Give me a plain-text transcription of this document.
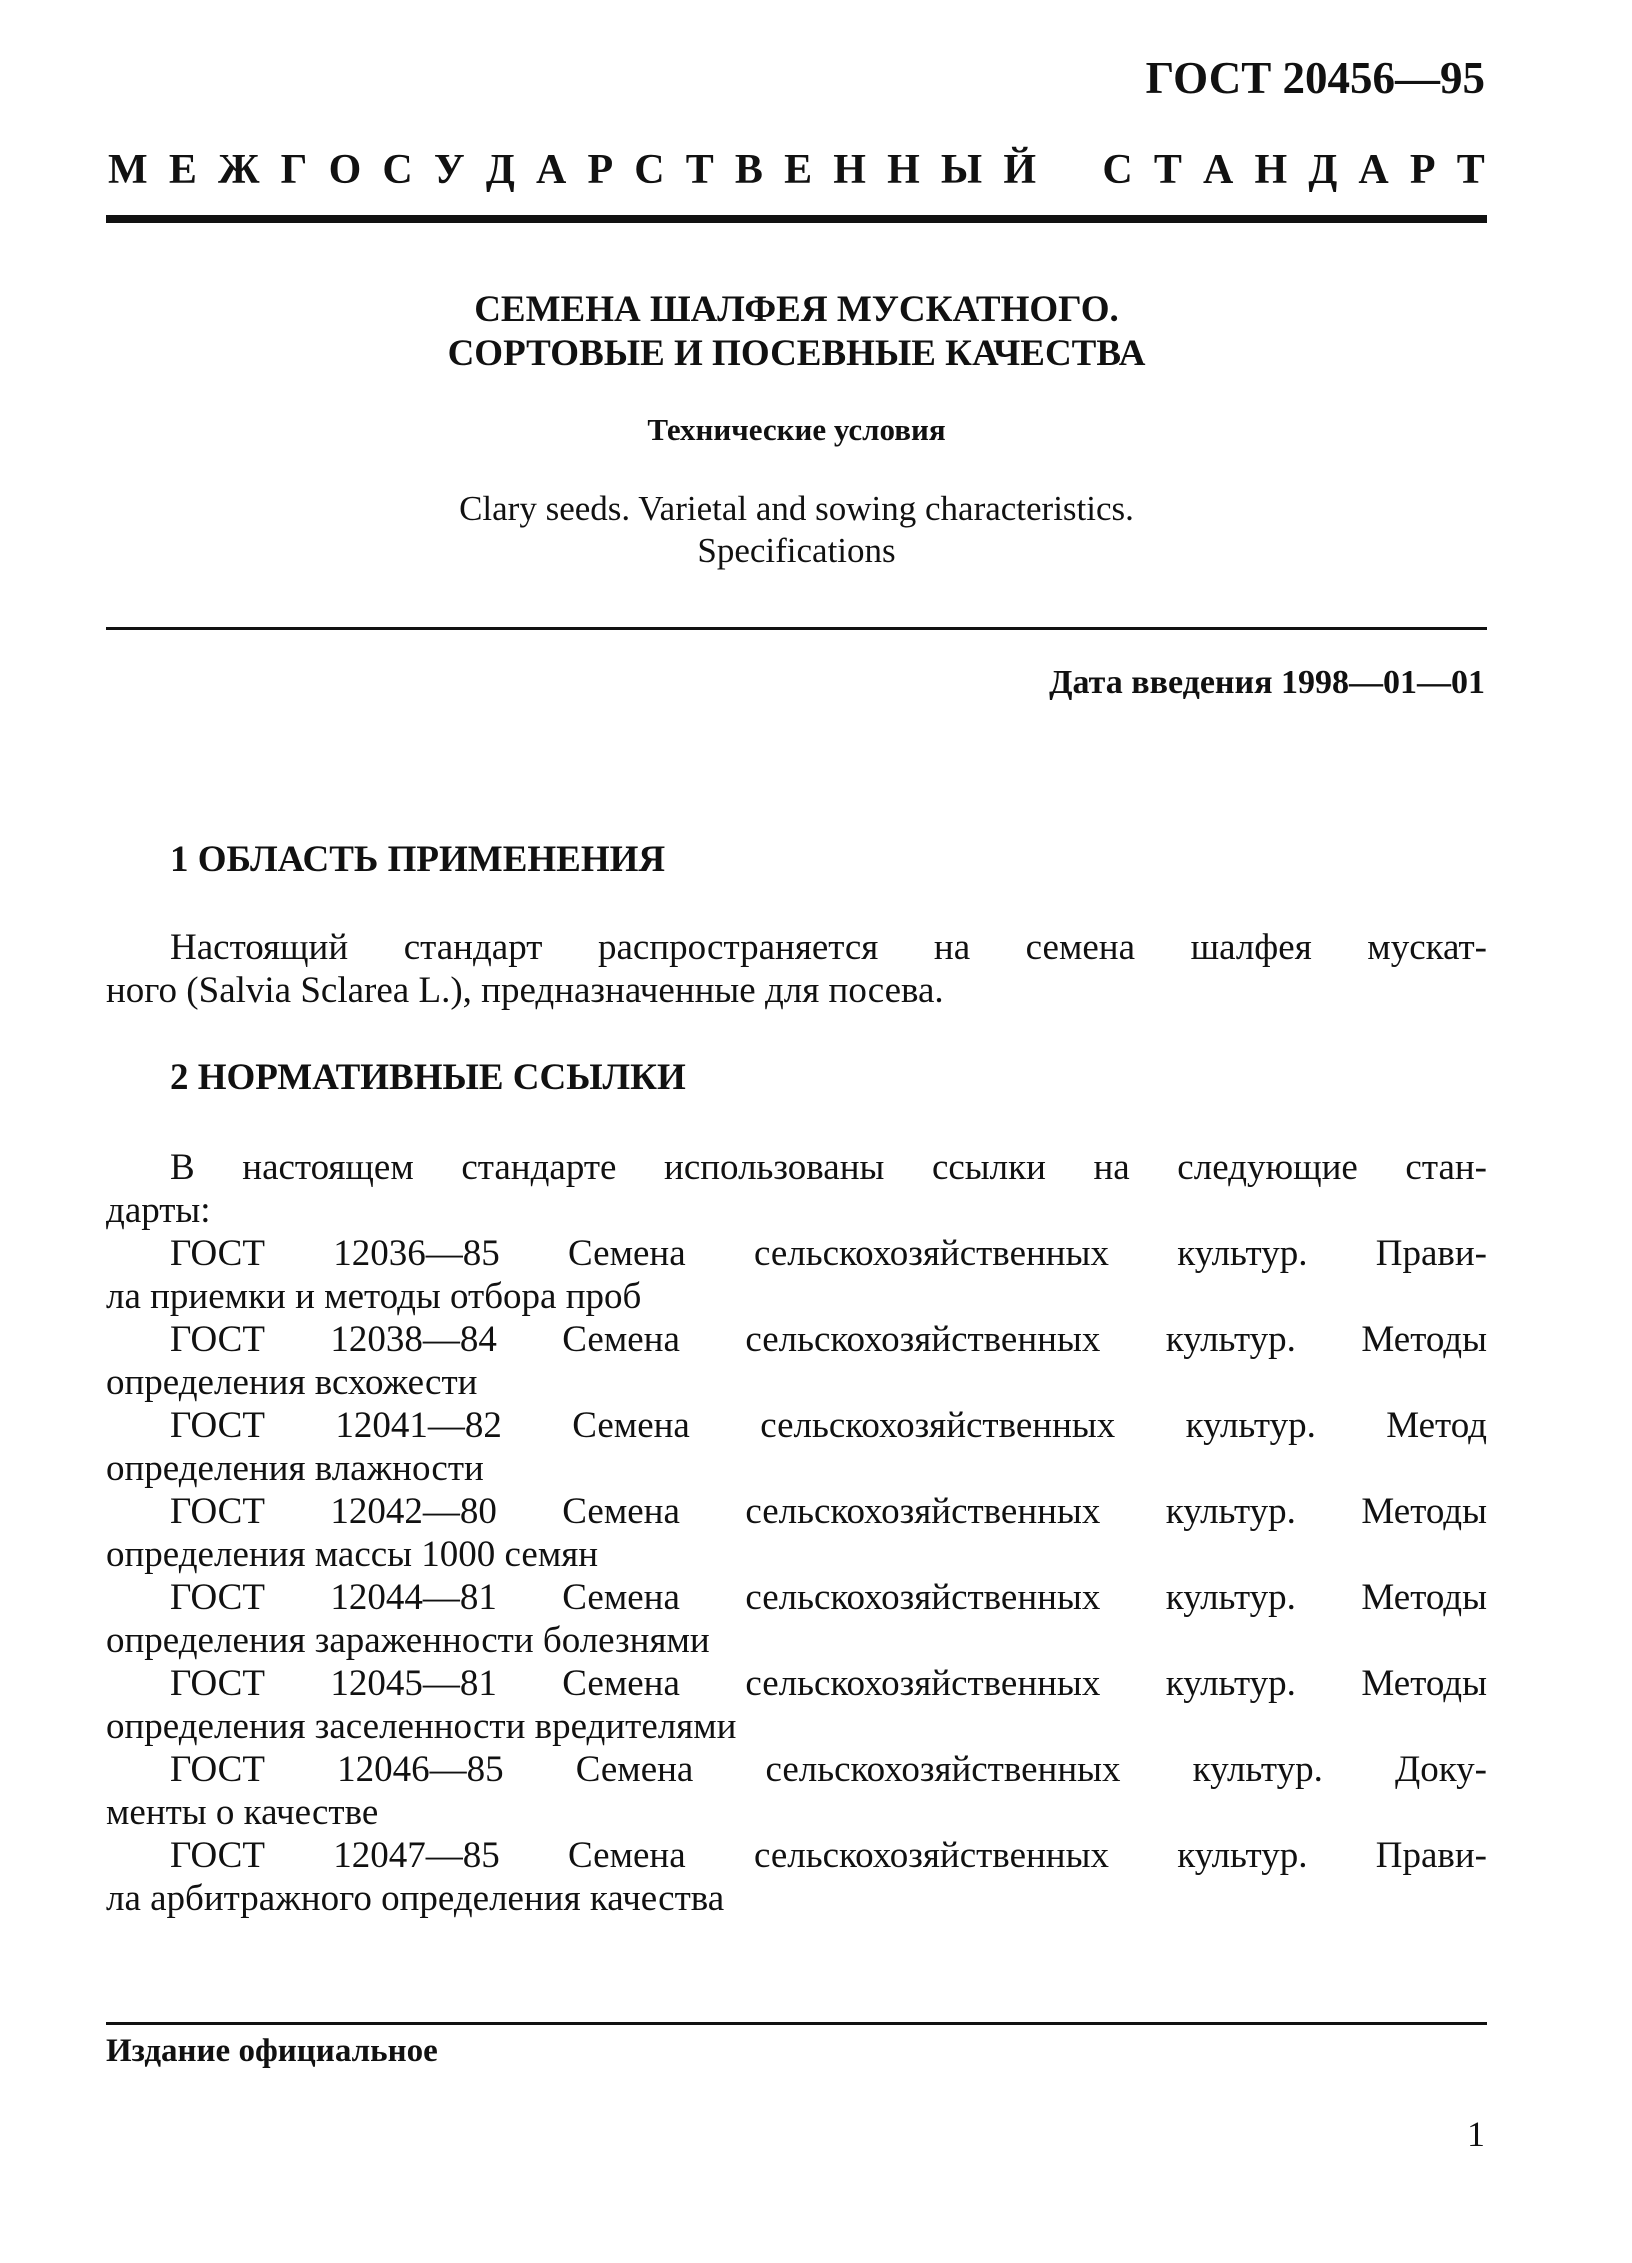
ГОСТ 20456—95
М Е Ж Г О С У Д А Р С Т В Е Н Н Ы Й С Т А Н Д А Р Т
СЕМЕНА ШАЛФЕЯ МУСКАТНОГО.
СОРТОВЫЕ И ПОСЕВНЫЕ КАЧЕСТВА
Технические условия
Clary seeds. Varietal and sowing characteristics.
Specifications
Дата введения 1998—01—01
1 ОБЛАСТЬ ПРИМЕНЕНИЯ
Настоящий стандарт распространяется на семена шалфея мускат-
ного (Salvia Sclarea L.), предназначенные для посева.
2 НОРМАТИВНЫЕ ССЫЛКИ
В настоящем стандарте использованы ссылки на следующие стан-
дарты:
ГОСТ 12036—85 Семена сельскохозяйственных культур. Прави-
ла приемки и методы отбора проб
ГОСТ 12038—84 Семена сельскохозяйственных культур. Методы
определения всхожести
ГОСТ 12041—82 Семена сельскохозяйственных культур. Метод
определения влажности
ГОСТ 12042—80 Семена сельскохозяйственных культур. Методы
определения массы 1000 семян
ГОСТ 12044—81 Семена сельскохозяйственных культур. Методы
определения зараженности болезнями
ГОСТ 12045—81 Семена сельскохозяйственных культур. Методы
определения заселенности вредителями
ГОСТ 12046—85 Семена сельскохозяйственных культур. Доку-
менты о качестве
ГОСТ 12047—85 Семена сельскохозяйственных культур. Прави-
ла арбитражного определения качества
Издание официальное
1
